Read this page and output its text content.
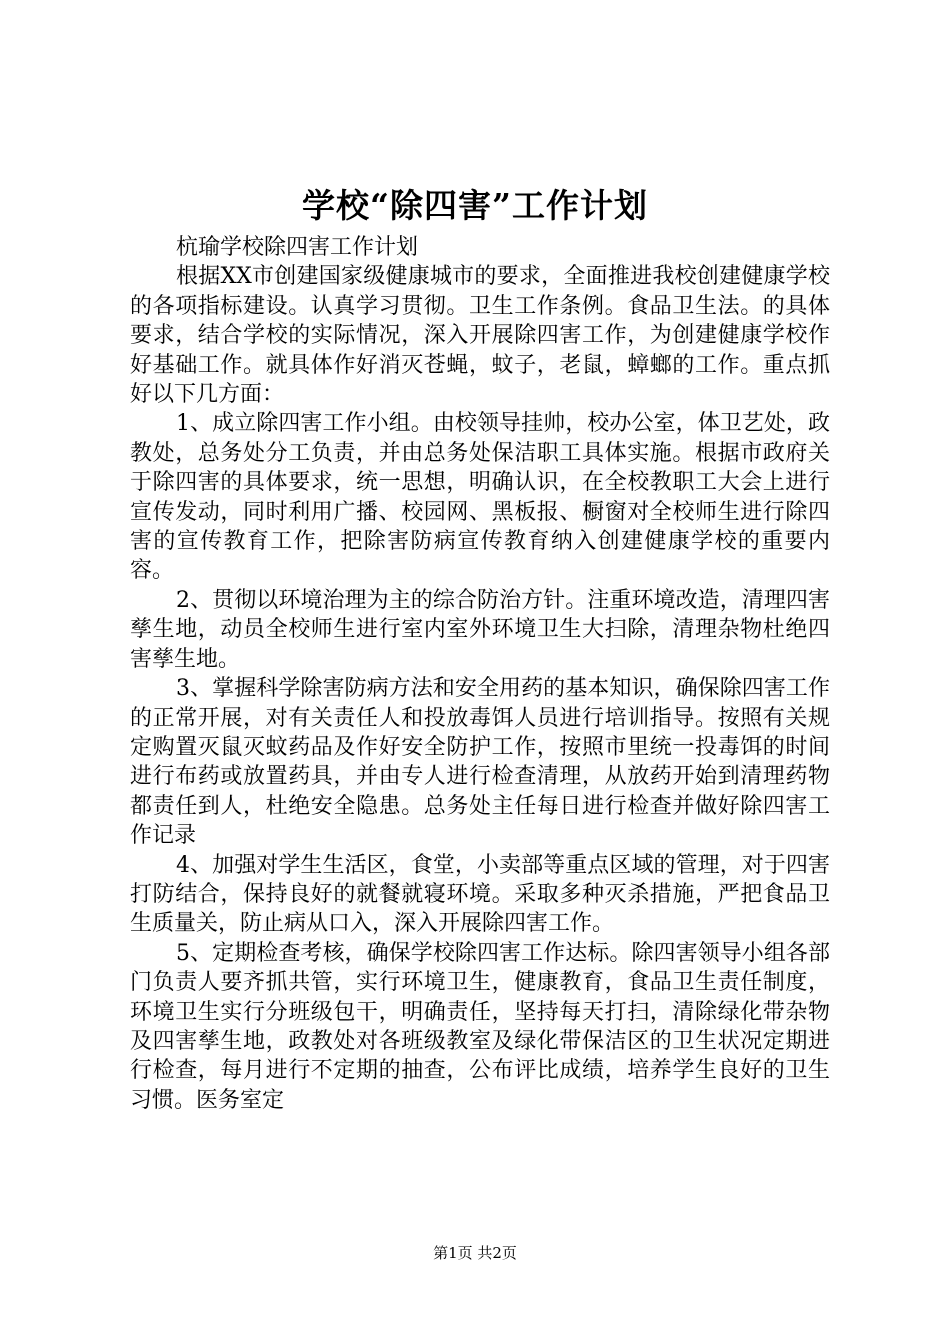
学校“除四害”工作计划

杭瑜学校除四害工作计划

根据XX市创建国家级健康城市的要求，全面推进我校创建健康学校的各项指标建设。认真学习贯彻。卫生工作条例。食品卫生法。的具体要求，结合学校的实际情况，深入开展除四害工作，为创建健康学校作好基础工作。就具体作好消灭苍蝇，蚊子，老鼠，蟑螂的工作。重点抓好以下几方面：

1、成立除四害工作小组。由校领导挂帅，校办公室，体卫艺处，政教处，总务处分工负责，并由总务处保洁职工具体实施。根据市政府关于除四害的具体要求，统一思想，明确认识，在全校教职工大会上进行宣传发动，同时利用广播、校园网、黑板报、橱窗对全校师生进行除四害的宣传教育工作，把除害防病宣传教育纳入创建健康学校的重要内容。

2、贯彻以环境治理为主的综合防治方针。注重环境改造，清理四害孳生地，动员全校师生进行室内室外环境卫生大扫除，清理杂物杜绝四害孳生地。

3、掌握科学除害防病方法和安全用药的基本知识，确保除四害工作的正常开展，对有关责任人和投放毒饵人员进行培训指导。按照有关规定购置灭鼠灭蚊药品及作好安全防护工作，按照市里统一投毒饵的时间进行布药或放置药具，并由专人进行检查清理，从放药开始到清理药物都责任到人，杜绝安全隐患。总务处主任每日进行检查并做好除四害工作记录

4、加强对学生生活区，食堂，小卖部等重点区域的管理，对于四害打防结合，保持良好的就餐就寝环境。采取多种灭杀措施，严把食品卫生质量关，防止病从口入，深入开展除四害工作。

5、定期检查考核，确保学校除四害工作达标。除四害领导小组各部门负责人要齐抓共管，实行环境卫生，健康教育，食品卫生责任制度，环境卫生实行分班级包干，明确责任，坚持每天打扫，清除绿化带杂物及四害孳生地，政教处对各班级教室及绿化带保洁区的卫生状况定期进行检查，每月进行不定期的抽查，公布评比成绩，培养学生良好的卫生习惯。医务室定

第1页 共2页
